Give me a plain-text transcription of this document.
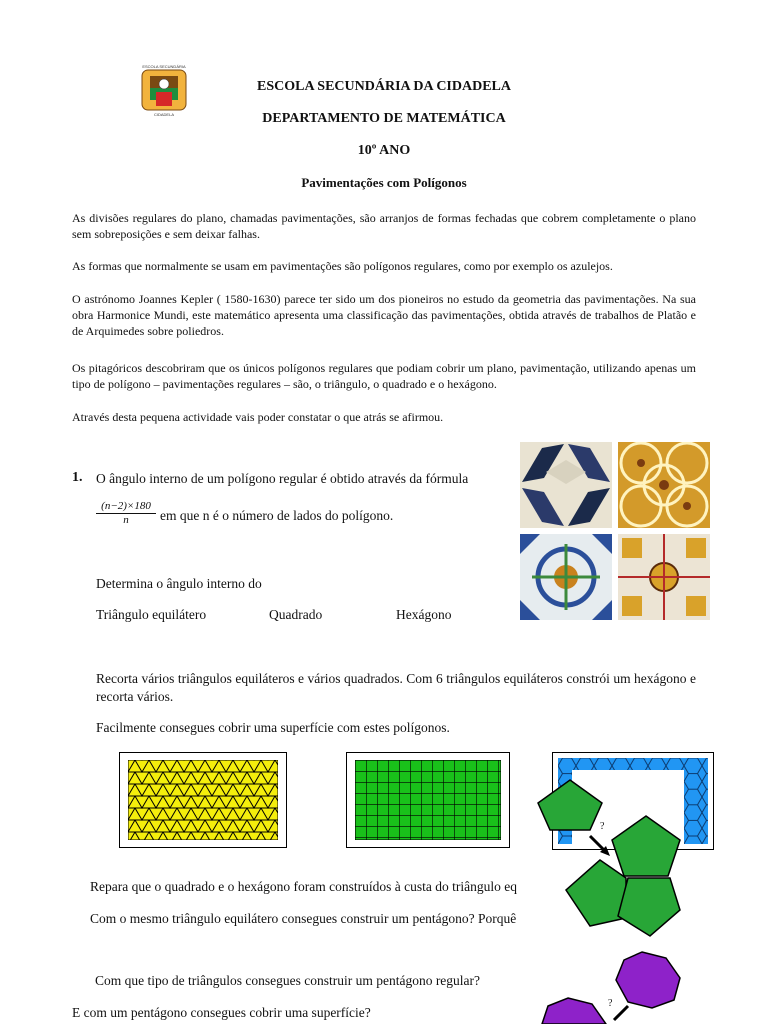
ESCOLA SECUNDÁRIA
CIDADELA
ESCOLA SECUNDÁRIA DA CIDADELA
DEPARTAMENTO DE MATEMÁTICA
10º ANO
Pavimentações com Polígonos
As divisões regulares do plano, chamadas pavimentações, são arranjos de formas fechadas que cobrem completamente o plano sem sobreposições e sem deixar falhas.
As formas que normalmente se usam em pavimentações são polígonos regulares, como por exemplo os azulejos.
O astrónomo Joannes Kepler ( 1580-1630) parece ter sido um dos pioneiros no estudo da geometria das pavimentações. Na sua obra Harmonice Mundi, este matemático apresenta uma classificação das pavimentações, obtida através de trabalhos de Platão e de Arquimedes sobre poliedros.
Os pitagóricos descobriram que os únicos polígonos regulares que podiam cobrir um plano, pavimentação, utilizando apenas um tipo de polígono – pavimentações regulares – são, o triângulo, o quadrado e o hexágono.
Através desta pequena actividade vais poder constatar o que atrás se afirmou.
1. O ângulo interno de um polígono regular é obtido através da fórmula
$\frac{(n-2)\times 180}{n}$ em que n é o número de lados do polígono.
Determina o ângulo interno do
Triângulo equilátero	Quadrado	Hexágono
Recorta vários triângulos equiláteros e vários quadrados. Com 6 triângulos equiláteros constrói um hexágono e recorta vários.
Facilmente consegues cobrir uma superfície com estes polígonos.
?
?
Repara que o quadrado e o hexágono foram construídos à custa do triângulo eq
Com o mesmo triângulo equilátero consegues construir um pentágono? Porquê
Com que tipo de triângulos consegues construir um pentágono regular?
E com um pentágono consegues cobrir uma superfície?
